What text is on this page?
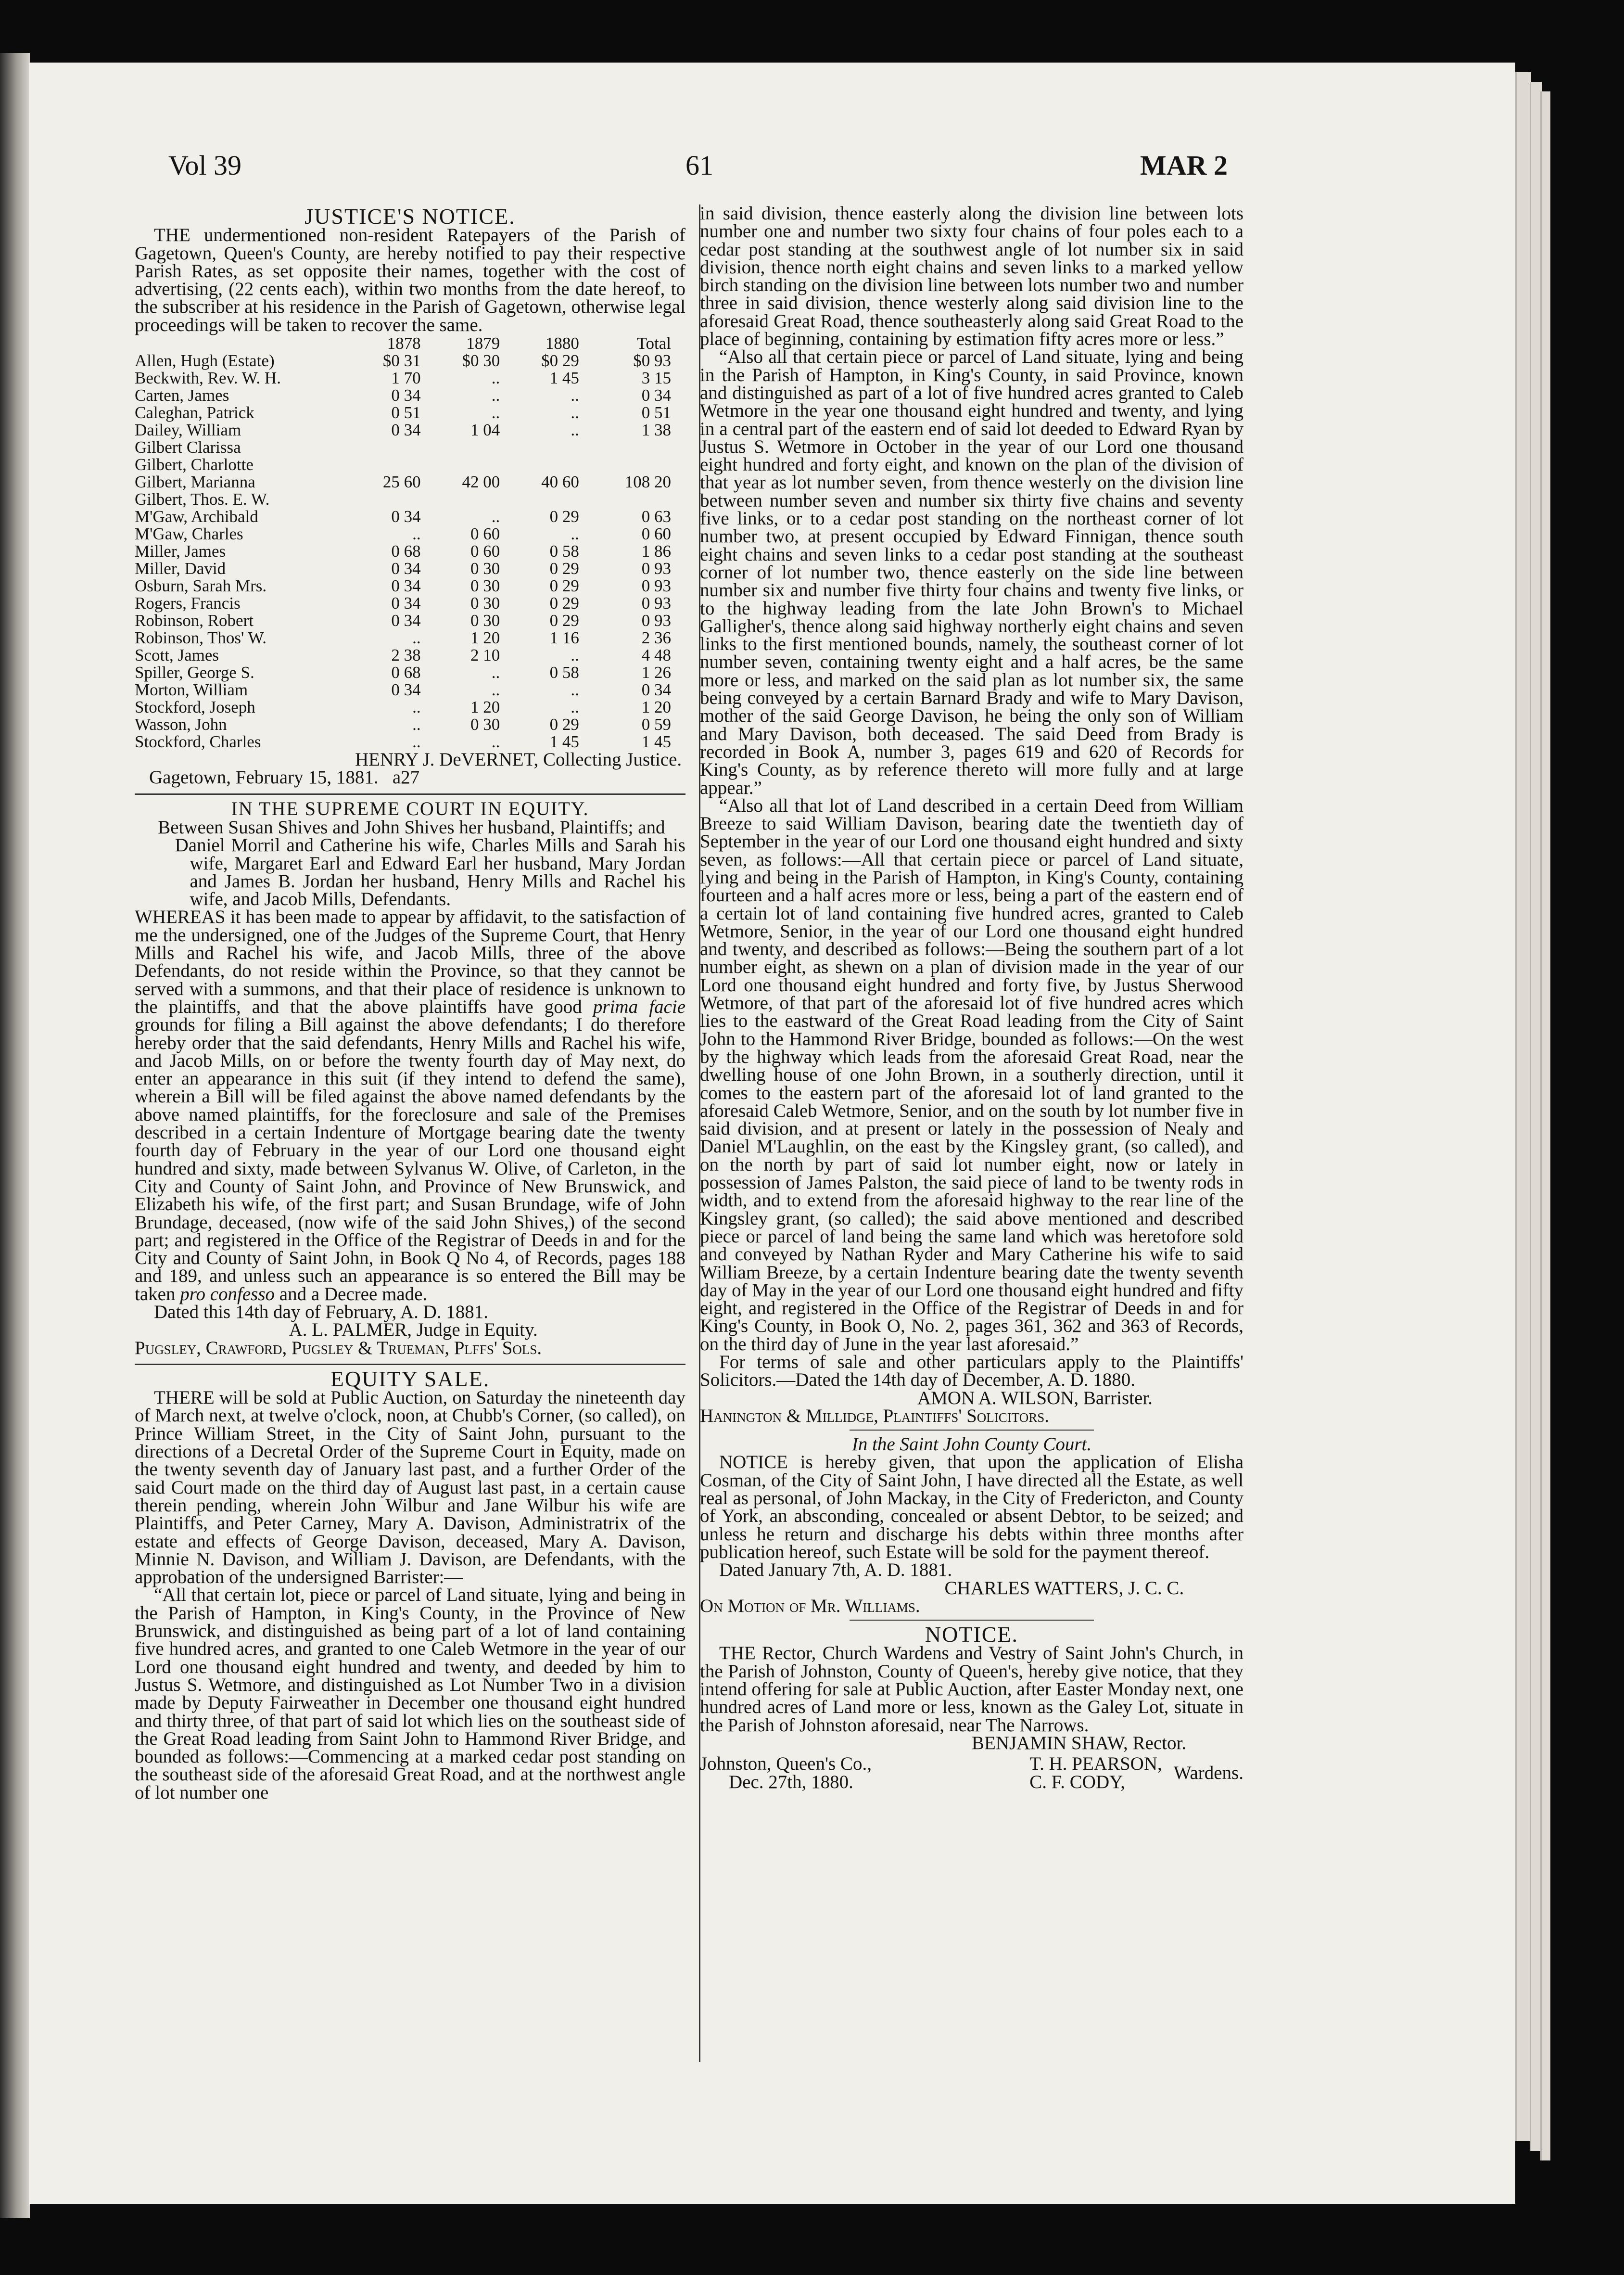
Vol 39	61	MAR 2
JUSTICE'S NOTICE.

THE undermentioned non-resident Ratepayers of the Parish of Gagetown, Queen's County, are hereby notified to pay their respective Parish Rates, as set opposite their names, together with the cost of advertising, (22 cents each), within two months from the date hereof, to the subscriber at his residence in the Parish of Gagetown, otherwise legal proceedings will be taken to recover the same.

	1878	1879	1880	Total
Allen, Hugh (Estate)	$0 31	$0 30	$0 29	$0 93
Beckwith, Rev. W. H.	1 70	..	1 45	3 15
Carten, James	0 34	..	..	0 34
Caleghan, Patrick	0 51	..	..	0 51
Dailey, William	0 34	1 04	..	1 38
Gilbert Clarissa				
Gilbert, Charlotte				
Gilbert, Marianna	25 60	42 00	40 60	108 20
Gilbert, Thos. E. W.				
M'Gaw, Archibald	0 34	..	0 29	0 63
M'Gaw, Charles	..	0 60	..	0 60
Miller, James	0 68	0 60	0 58	1 86
Miller, David	0 34	0 30	0 29	0 93
Osburn, Sarah Mrs.	0 34	0 30	0 29	0 93
Rogers, Francis	0 34	0 30	0 29	0 93
Robinson, Robert	0 34	0 30	0 29	0 93
Robinson, Thos' W.	..	1 20	1 16	2 36
Scott, James	2 38	2 10	..	4 48
Spiller, George S.	0 68	..	0 58	1 26
Morton, William	0 34	..	..	0 34
Stockford, Joseph	..	1 20	..	1 20
Wasson, John	..	0 30	0 29	0 59
Stockford, Charles	..	..	1 45	1 45

HENRY J. DeVERNET, Collecting Justice.

Gagetown, February 15, 1881. a27

IN THE SUPREME COURT IN EQUITY.

Between Susan Shives and John Shives her husband, Plaintiffs; and

Daniel Morril and Catherine his wife, Charles Mills and Sarah his wife, Margaret Earl and Edward Earl her husband, Mary Jordan and James B. Jordan her husband, Henry Mills and Rachel his wife, and Jacob Mills, Defendants.

WHEREAS it has been made to appear by affidavit, to the satisfaction of me the undersigned, one of the Judges of the Supreme Court, that Henry Mills and Rachel his wife, and Jacob Mills, three of the above Defendants, do not reside within the Province, so that they cannot be served with a summons, and that their place of residence is unknown to the plaintiffs, and that the above plaintiffs have good prima facie grounds for filing a Bill against the above defendants; I do therefore hereby order that the said defendants, Henry Mills and Rachel his wife, and Jacob Mills, on or before the twenty fourth day of May next, do enter an appearance in this suit (if they intend to defend the same), wherein a Bill will be filed against the above named defendants by the above named plaintiffs, for the foreclosure and sale of the Premises described in a certain Indenture of Mortgage bearing date the twenty fourth day of February in the year of our Lord one thousand eight hundred and sixty, made between Sylvanus W. Olive, of Carleton, in the City and County of Saint John, and Province of New Brunswick, and Elizabeth his wife, of the first part; and Susan Brundage, wife of John Brundage, deceased, (now wife of the said John Shives,) of the second part; and registered in the Office of the Registrar of Deeds in and for the City and County of Saint John, in Book Q No 4, of Records, pages 188 and 189, and unless such an appearance is so entered the Bill may be taken pro confesso and a Decree made.

Dated this 14th day of February, A. D. 1881.

A. L. PALMER, Judge in Equity.

Pugsley, Crawford, Pugsley & Trueman, Plffs' Sols.

EQUITY SALE.

THERE will be sold at Public Auction, on Saturday the nineteenth day of March next, at twelve o'clock, noon, at Chubb's Corner, (so called), on Prince William Street, in the City of Saint John, pursuant to the directions of a Decretal Order of the Supreme Court in Equity, made on the twenty seventh day of January last past, and a further Order of the said Court made on the third day of August last past, in a certain cause therein pending, wherein John Wilbur and Jane Wilbur his wife are Plaintiffs, and Peter Carney, Mary A. Davison, Administratrix of the estate and effects of George Davison, deceased, Mary A. Davison, Minnie N. Davison, and William J. Davison, are Defendants, with the approbation of the undersigned Barrister:—

“All that certain lot, piece or parcel of Land situate, lying and being in the Parish of Hampton, in King's County, in the Province of New Brunswick, and distinguished as being part of a lot of land containing five hundred acres, and granted to one Caleb Wetmore in the year of our Lord one thousand eight hundred and twenty, and deeded by him to Justus S. Wetmore, and distinguished as Lot Number Two in a division made by Deputy Fairweather in December one thousand eight hundred and thirty three, of that part of said lot which lies on the southeast side of the Great Road leading from Saint John to Hammond River Bridge, and bounded as follows:—Commencing at a marked cedar post standing on the southeast side of the aforesaid Great Road, and at the northwest angle of lot number one

in said division, thence easterly along the division line between lots number one and number two sixty four chains of four poles each to a cedar post standing at the southwest angle of lot number six in said division, thence north eight chains and seven links to a marked yellow birch standing on the division line between lots number two and number three in said division, thence westerly along said division line to the aforesaid Great Road, thence southeasterly along said Great Road to the place of beginning, containing by estimation fifty acres more or less.”

“Also all that certain piece or parcel of Land situate, lying and being in the Parish of Hampton, in King's County, in said Province, known and distinguished as part of a lot of five hundred acres granted to Caleb Wetmore in the year one thousand eight hundred and twenty, and lying in a central part of the eastern end of said lot deeded to Edward Ryan by Justus S. Wetmore in October in the year of our Lord one thousand eight hundred and forty eight, and known on the plan of the division of that year as lot number seven, from thence westerly on the division line between number seven and number six thirty five chains and seventy five links, or to a cedar post standing on the northeast corner of lot number two, at present occupied by Edward Finnigan, thence south eight chains and seven links to a cedar post standing at the southeast corner of lot number two, thence easterly on the side line between number six and number five thirty four chains and twenty five links, or to the highway leading from the late John Brown's to Michael Galligher's, thence along said highway northerly eight chains and seven links to the first mentioned bounds, namely, the southeast corner of lot number seven, containing twenty eight and a half acres, be the same more or less, and marked on the said plan as lot number six, the same being conveyed by a certain Barnard Brady and wife to Mary Davison, mother of the said George Davison, he being the only son of William and Mary Davison, both deceased. The said Deed from Brady is recorded in Book A, number 3, pages 619 and 620 of Records for King's County, as by reference thereto will more fully and at large appear.”

“Also all that lot of Land described in a certain Deed from William Breeze to said William Davison, bearing date the twentieth day of September in the year of our Lord one thousand eight hundred and sixty seven, as follows:—All that certain piece or parcel of Land situate, lying and being in the Parish of Hampton, in King's County, containing fourteen and a half acres more or less, being a part of the eastern end of a certain lot of land containing five hundred acres, granted to Caleb Wetmore, Senior, in the year of our Lord one thousand eight hundred and twenty, and described as follows:—Being the southern part of a lot number eight, as shewn on a plan of division made in the year of our Lord one thousand eight hundred and forty five, by Justus Sherwood Wetmore, of that part of the aforesaid lot of five hundred acres which lies to the eastward of the Great Road leading from the City of Saint John to the Hammond River Bridge, bounded as follows:—On the west by the highway which leads from the aforesaid Great Road, near the dwelling house of one John Brown, in a southerly direction, until it comes to the eastern part of the aforesaid lot of land granted to the aforesaid Caleb Wetmore, Senior, and on the south by lot number five in said division, and at present or lately in the possession of Nealy and Daniel M'Laughlin, on the east by the Kingsley grant, (so called), and on the north by part of said lot number eight, now or lately in possession of James Palston, the said piece of land to be twenty rods in width, and to extend from the aforesaid highway to the rear line of the Kingsley grant, (so called); the said above mentioned and described piece or parcel of land being the same land which was heretofore sold and conveyed by Nathan Ryder and Mary Catherine his wife to said William Breeze, by a certain Indenture bearing date the twenty seventh day of May in the year of our Lord one thousand eight hundred and fifty eight, and registered in the Office of the Registrar of Deeds in and for King's County, in Book O, No. 2, pages 361, 362 and 363 of Records, on the third day of June in the year last aforesaid.”

For terms of sale and other particulars apply to the Plaintiffs' Solicitors.—Dated the 14th day of December, A. D. 1880.

AMON A. WILSON, Barrister.

Hanington & Millidge, Plaintiffs' Solicitors.

In the Saint John County Court.

NOTICE is hereby given, that upon the application of Elisha Cosman, of the City of Saint John, I have directed all the Estate, as well real as personal, of John Mackay, in the City of Fredericton, and County of York, an absconding, concealed or absent Debtor, to be seized; and unless he return and discharge his debts within three months after publication hereof, such Estate will be sold for the payment thereof.

Dated January 7th, A. D. 1881.

CHARLES WATTERS, J. C. C.

On Motion of Mr. Williams.

NOTICE.

THE Rector, Church Wardens and Vestry of Saint John's Church, in the Parish of Johnston, County of Queen's, hereby give notice, that they intend offering for sale at Public Auction, after Easter Monday next, one hundred acres of Land more or less, known as the Galey Lot, situate in the Parish of Johnston aforesaid, near The Narrows.

BENJAMIN SHAW, Rector.

Johnston, Queen's Co.,
Dec. 27th, 1880.
T. H. PEARSON,
C. F. CODY,	Wardens.
